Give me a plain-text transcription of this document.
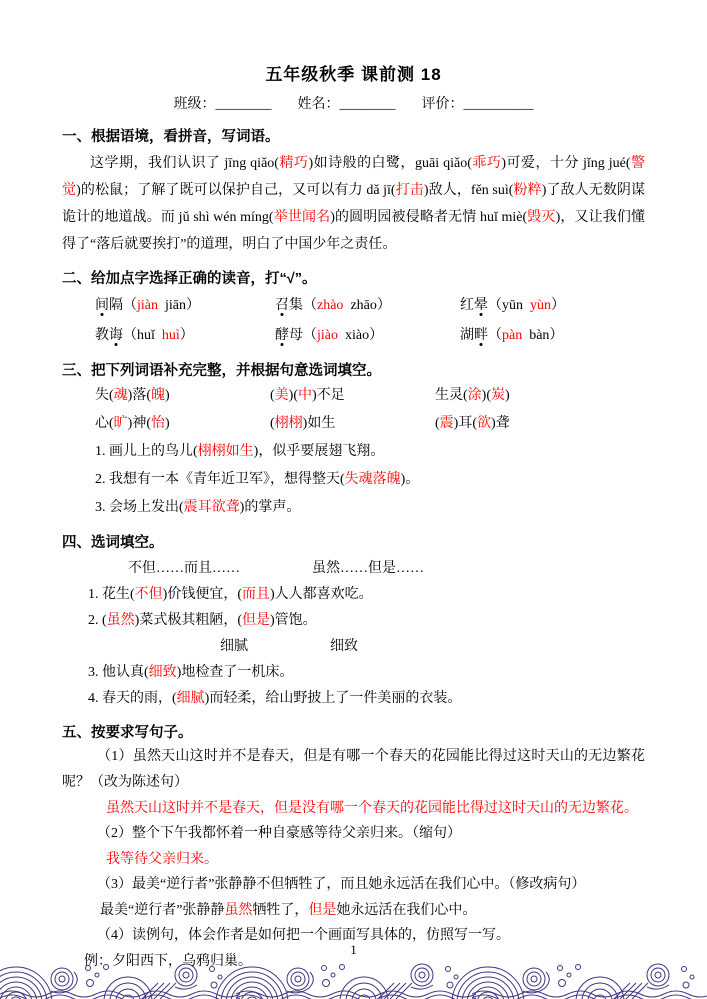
五年级秋季 课前测 18
班级：________ 姓名：________ 评价：__________
一、根据语境，看拼音，写词语。

这学期，我们认识了 jīng qiǎo(精巧)如诗般的白鹭，guāi qiǎo(乖巧)可爱，十分 jǐng jué(警觉)的松鼠；了解了既可以保护自己，又可以有力 dǎ jī(打击)敌人，fěn suì(粉粹)了敌人无数阴谋诡计的地道战。而 jǔ shì wén míng(举世闻名)的圆明园被侵略者无情 huǐ miè(毁灭)，又让我们懂得了“落后就要挨打”的道理，明白了中国少年之责任。

二、给加点字选择正确的读音，打“√”。
间隔（jiàn  jiān）	召集（zhào  zhāo）	红晕（yūn  yùn）
教诲（huǐ  huì）	酵母（jiào  xiào）	湖畔（pàn  bàn）
三、把下列词语补充完整，并根据句意选词填空。
失(魂)落(魄)	(美)(中)不足	生灵(涂)(炭)
心(旷)神(怡)	(栩栩)如生	(震)耳(欲)聋

1. 画儿上的鸟儿(栩栩如生)，似乎要展翅飞翔。

2. 我想有一本《青年近卫军》，想得整天(失魂落魄)。

3. 会场上发出(震耳欲聋)的掌声。

四、选词填空。
不但……而且……	虽然……但是……

1. 花生(不但)价钱便宜，(而且)人人都喜欢吃。

2. (虽然)菜式极其粗陋，(但是)管饱。

细腻	细致

3. 他认真(细致)地检查了一机床。

4. 春天的雨，(细腻)而轻柔，给山野披上了一件美丽的衣装。

五、按要求写句子。

（1）虽然天山这时并不是春天，但是有哪一个春天的花园能比得过这时天山的无边繁花呢？（改为陈述句）

虽然天山这时并不是春天，但是没有哪一个春天的花园能比得过这时天山的无边繁花。

（2）整个下午我都怀着一种自豪感等待父亲归来。（缩句）

我等待父亲归来。

（3）最美“逆行者”张静静不但牺牲了，而且她永远活在我们心中。（修改病句）

最美“逆行者”张静静虽然牺牲了，但是她永远活在我们心中。

（4）读例句，体会作者是如何把一个画面写具体的，仿照写一写。

例：夕阳西下，乌鸦归巢。

1
